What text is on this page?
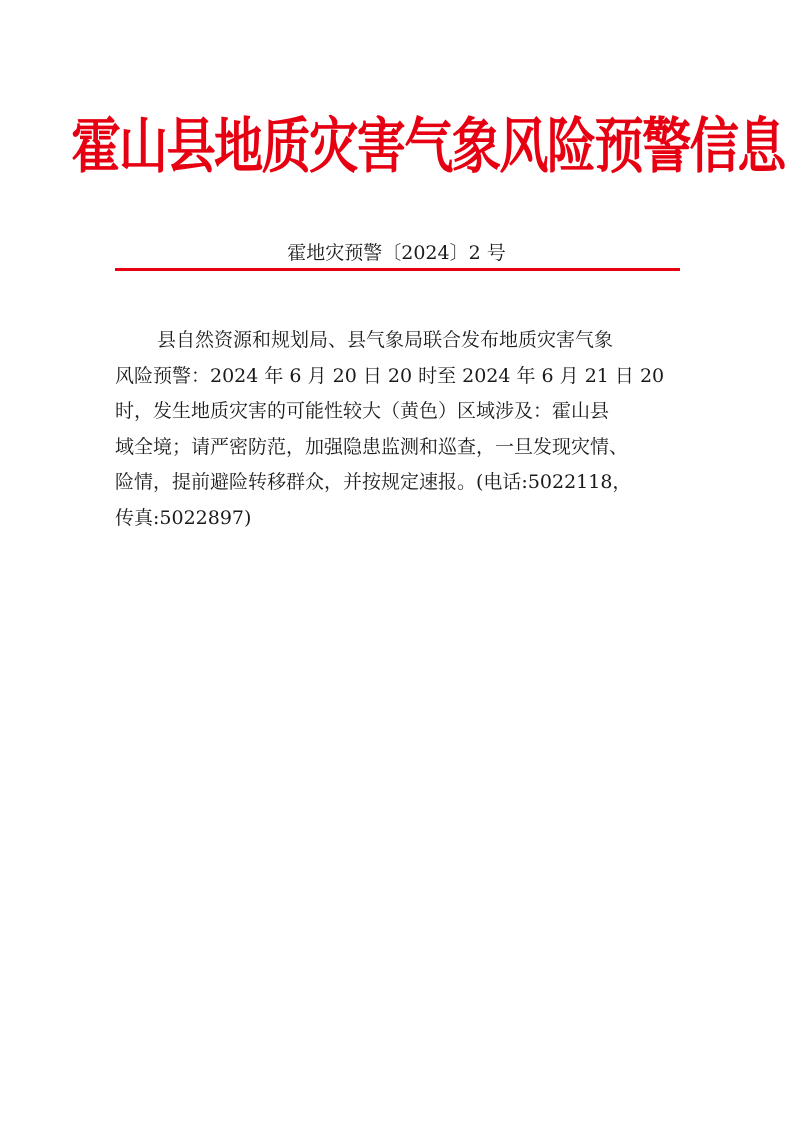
霍山县地质灾害气象风险预警信息
霍地灾预警〔2024〕2 号
县自然资源和规划局、县气象局联合发布地质灾害气象
风险预警：2024 年 6 月 20 日 20 时至 2024 年 6 月 21 日 20
时，发生地质灾害的可能性较大（黄色）区域涉及：霍山县
域全境；请严密防范，加强隐患监测和巡查，一旦发现灾情、
险情，提前避险转移群众，并按规定速报。(电话:5022118，
传真:5022897)
